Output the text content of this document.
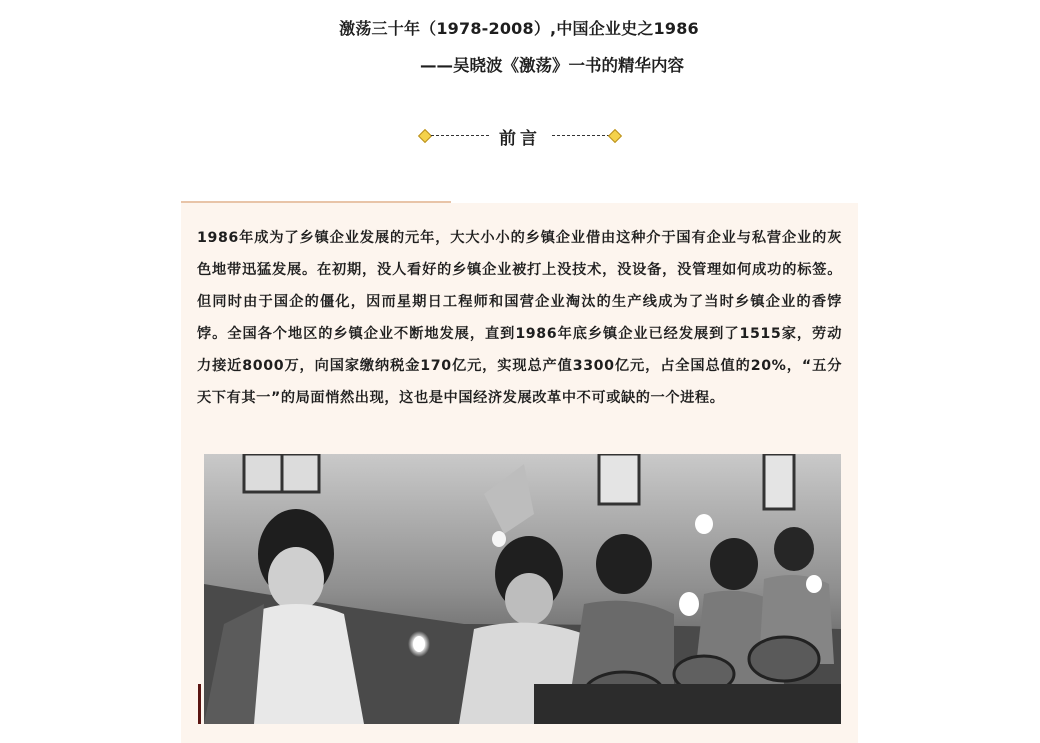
激荡三十年（1978-2008）,中国企业史之1986
——吴晓波《激荡》一书的精华内容
前言

1986年成为了乡镇企业发展的元年，大大小小的乡镇企业借由这种介于国有企业与私营企业的灰色地带迅猛发展。在初期，没人看好的乡镇企业被打上没技术，没设备，没管理如何成功的标签。但同时由于国企的僵化，因而星期日工程师和国营企业淘汰的生产线成为了当时乡镇企业的香饽饽。全国各个地区的乡镇企业不断地发展，直到1986年底乡镇企业已经发展到了1515家，劳动力接近8000万，向国家缴纳税金170亿元，实现总产值3300亿元，占全国总值的20%，“五分天下有其一”的局面悄然出现，这也是中国经济发展改革中不可或缺的一个进程。
